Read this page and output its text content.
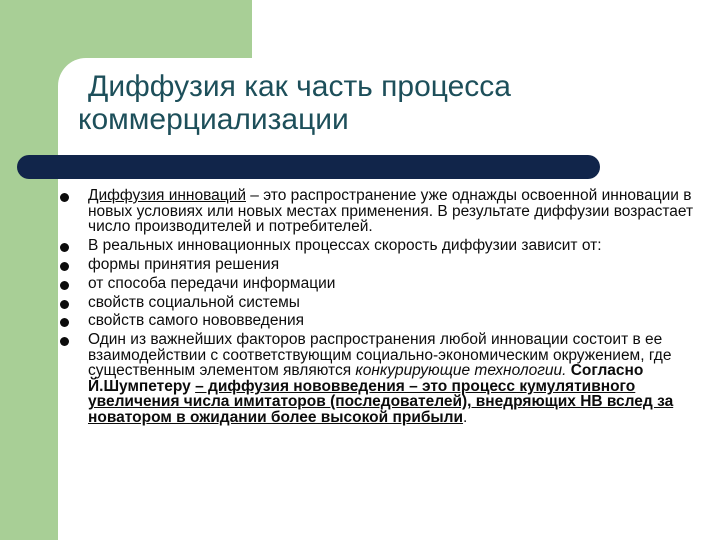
Диффузия как часть процесса
коммерциализации
Диффузия инноваций – это распространение уже однажды освоенной инновации в новых условиях или новых местах применения. В результате диффузии возрастает число производителей и потребителей.
В реальных инновационных процессах скорость диффузии зависит от:
формы принятия решения
от способа передачи информации
свойств социальной системы
свойств самого нововведения
Один из важнейших факторов распространения любой инновации состоит в ее взаимодействии с соответствующим социально-экономическим окружением, где существенным элементом являются конкурирующие технологии. Согласно Й.Шумпетеру – диффузия нововведения – это процесс кумулятивного увеличения числа имитаторов (последователей), внедряющих НВ вслед за новатором в ожидании более высокой прибыли.
